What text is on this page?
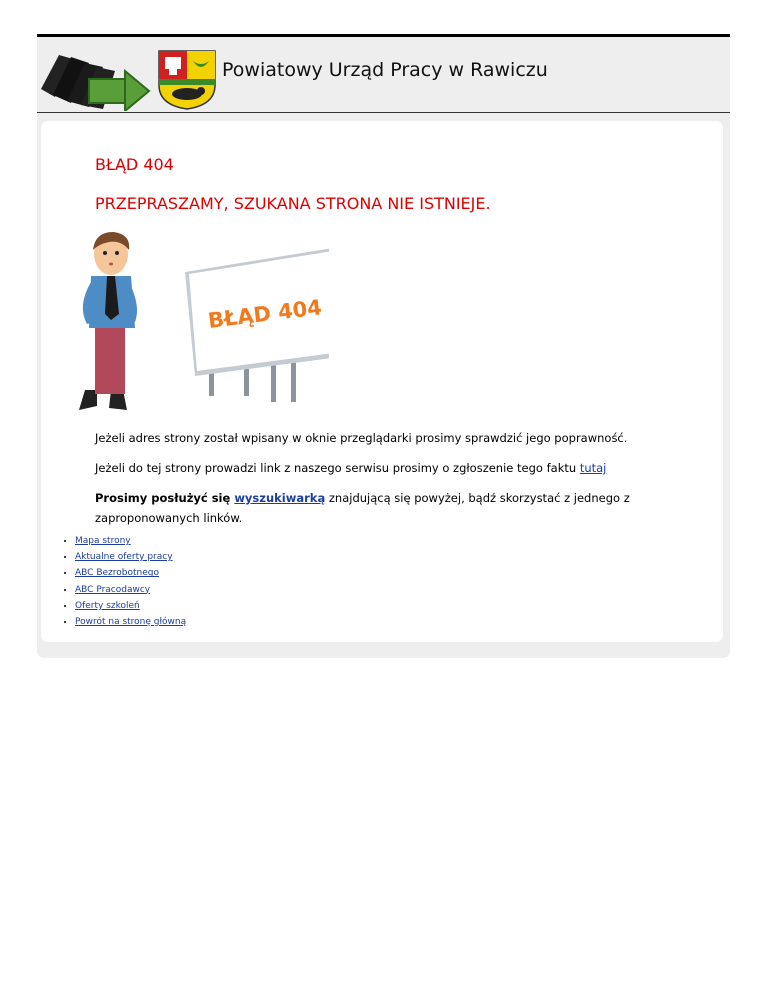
Powiatowy Urząd Pracy w Rawiczu
BŁĄD 404
PRZEPRASZAMY, SZUKANA STRONA NIE ISTNIEJE.
BŁĄD 404

Jeżeli adres strony został wpisany w oknie przeglądarki prosimy sprawdzić jego poprawność.

Jeżeli do tej strony prowadzi link z naszego serwisu prosimy o zgłoszenie tego faktu tutaj

Prosimy posłużyć się wyszukiwarką znajdującą się powyżej, bądź skorzystać z jednego z zaproponowanych linków.

• Mapa strony
• Aktualne oferty pracy
• ABC Bezrobotnego
• ABC Pracodawcy
• Oferty szkoleń
• Powrót na stronę główną
